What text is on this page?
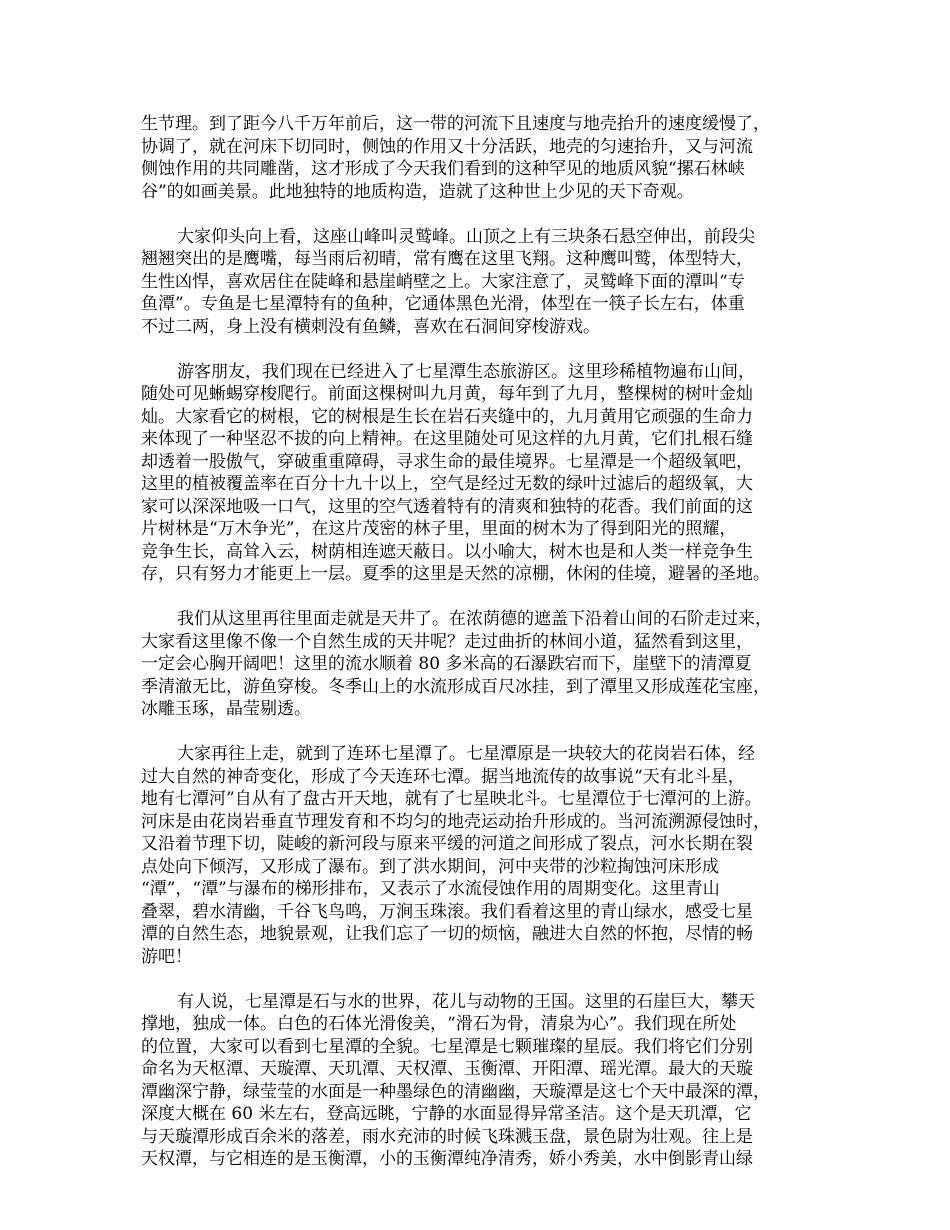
生节理。到了距今八千万年前后，这一带的河流下且速度与地壳抬升的速度缓慢了，
协调了，就在河床下切同时，侧蚀的作用又十分活跃，地壳的匀速抬升，又与河流
侧蚀作用的共同雕凿，这才形成了今天我们看到的这种罕见的地质风貌“摞石林峡
谷”的如画美景。此地独特的地质构造，造就了这种世上少见的天下奇观。
大家仰头向上看，这座山峰叫灵鹫峰。山顶之上有三块条石悬空伸出，前段尖
翘翘突出的是鹰嘴，每当雨后初晴，常有鹰在这里飞翔。这种鹰叫鹫，体型特大，
生性凶悍，喜欢居住在陡峰和悬崖峭壁之上。大家注意了，灵鹫峰下面的潭叫“专
鱼潭”。专鱼是七星潭特有的鱼种，它通体黑色光滑，体型在一筷子长左右，体重
不过二两，身上没有横刺没有鱼鳞，喜欢在石洞间穿梭游戏。
游客朋友，我们现在已经进入了七星潭生态旅游区。这里珍稀植物遍布山间，
随处可见蜥蜴穿梭爬行。前面这棵树叫九月黄，每年到了九月，整棵树的树叶金灿
灿。大家看它的树根，它的树根是生长在岩石夹缝中的，九月黄用它顽强的生命力
来体现了一种坚忍不拔的向上精神。在这里随处可见这样的九月黄，它们扎根石缝
却透着一股傲气，穿破重重障碍，寻求生命的最佳境界。七星潭是一个超级氧吧，
这里的植被覆盖率在百分十九十以上，空气是经过无数的绿叶过滤后的超级氧，大
家可以深深地吸一口气，这里的空气透着特有的清爽和独特的花香。我们前面的这
片树林是“万木争光”，在这片茂密的林子里，里面的树木为了得到阳光的照耀，
竞争生长，高耸入云，树荫相连遮天蔽日。以小喻大，树木也是和人类一样竞争生
存，只有努力才能更上一层。夏季的这里是天然的凉棚，休闲的佳境，避暑的圣地。
我们从这里再往里面走就是天井了。在浓荫德的遮盖下沿着山间的石阶走过来，
大家看这里像不像一个自然生成的天井呢？走过曲折的林间小道，猛然看到这里，
一定会心胸开阔吧！这里的流水顺着 80 多米高的石瀑跌宕而下，崖壁下的清潭夏
季清澈无比，游鱼穿梭。冬季山上的水流形成百尺冰挂，到了潭里又形成莲花宝座，
冰雕玉琢，晶莹剔透。
大家再往上走，就到了连环七星潭了。七星潭原是一块较大的花岗岩石体，经
过大自然的神奇变化，形成了今天连环七潭。据当地流传的故事说“天有北斗星，
地有七潭河”自从有了盘古开天地，就有了七星映北斗。七星潭位于七潭河的上游。
河床是由花岗岩垂直节理发育和不均匀的地壳运动抬升形成的。当河流溯源侵蚀时，
又沿着节理下切，陡峻的新河段与原来平缓的河道之间形成了裂点，河水长期在裂
点处向下倾泻，又形成了瀑布。到了洪水期间，河中夹带的沙粒掏蚀河床形成
“潭”，“潭”与瀑布的梯形排布，又表示了水流侵蚀作用的周期变化。这里青山
叠翠，碧水清幽，千谷飞鸟鸣，万涧玉珠滚。我们看着这里的青山绿水，感受七星
潭的自然生态，地貌景观，让我们忘了一切的烦恼，融进大自然的怀抱，尽情的畅
游吧！
有人说，七星潭是石与水的世界，花儿与动物的王国。这里的石崖巨大，攀天
撑地，独成一体。白色的石体光滑俊美，“滑石为骨，清泉为心”。我们现在所处
的位置，大家可以看到七星潭的全貌。七星潭是七颗璀璨的星辰。我们将它们分别
命名为天枢潭、天璇潭、天玑潭、天权潭、玉衡潭、开阳潭、瑶光潭。最大的天璇
潭幽深宁静，绿莹莹的水面是一种墨绿色的清幽幽，天璇潭是这七个天中最深的潭，
深度大概在 60 米左右，登高远眺，宁静的水面显得异常圣洁。这个是天玑潭，它
与天璇潭形成百余米的落差，雨水充沛的时候飞珠溅玉盘，景色尉为壮观。往上是
天权潭，与它相连的是玉衡潭，小的玉衡潭纯净清秀，娇小秀美，水中倒影青山绿
